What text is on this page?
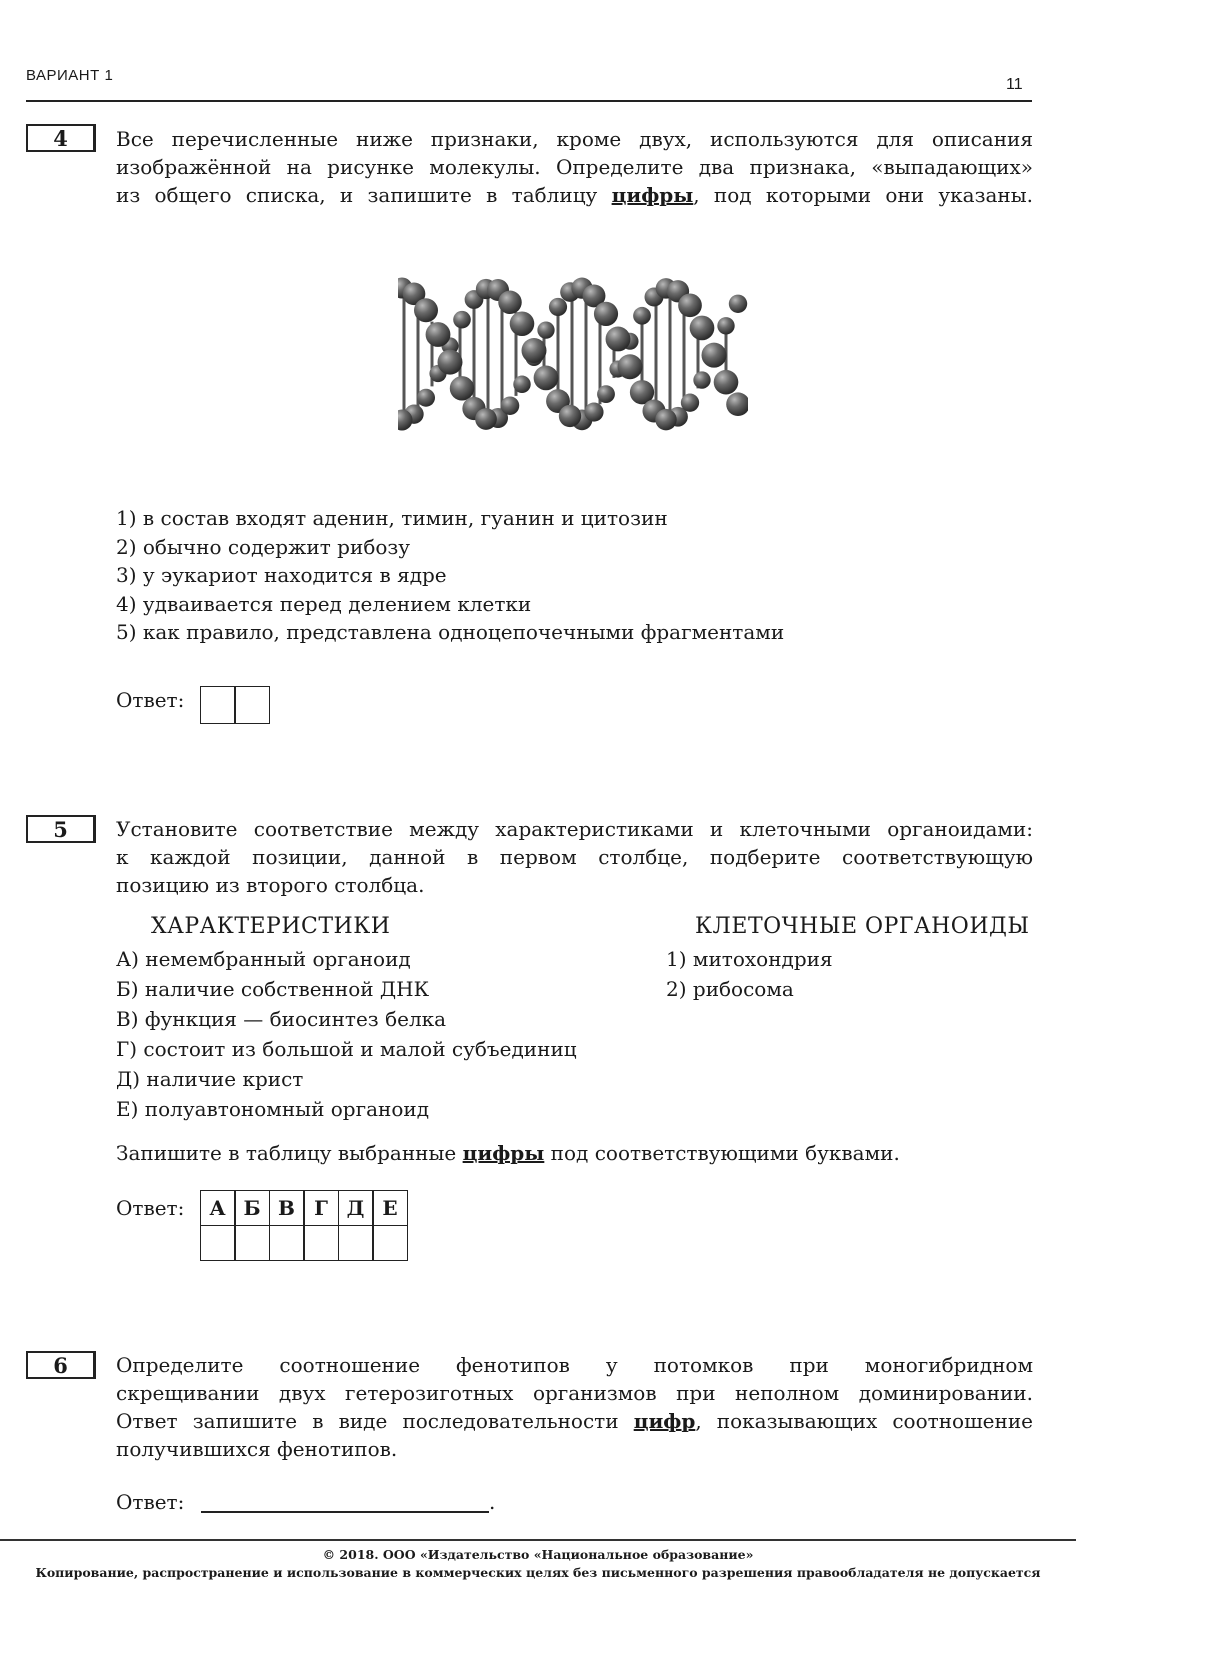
ВАРИАНТ 1
11
4 Все перечисленные ниже признаки, кроме двух, используются для описания
изображённой на рисунке молекулы. Определите два признака, «выпадающих»
из общего списка, и запишите в таблицу цифры, под которыми они указаны.
1) в состав входят аденин, тимин, гуанин и цитозин
2) обычно содержит рибозу
3) у эукариот находится в ядре
4) удваивается перед делением клетки
5) как правило, представлена одноцепочечными фрагментами
Ответ:
5 Установите соответствие между характеристиками и клеточными органоидами:
к каждой позиции, данной в первом столбце, подберите соответствующую
позицию из второго столбца.
ХАРАКТЕРИСТИКИ	КЛЕТОЧНЫЕ ОРГАНОИДЫ
А) немембранный органоид
Б) наличие собственной ДНК
В) функция — биосинтез белка
Г) состоит из большой и малой субъединиц
Д) наличие крист
Е) полуавтономный органоид
1) митохондрия
2) рибосома
Запишите в таблицу выбранные цифры под соответствующими буквами.
Ответ:	А Б В Г Д Е
6 Определите соотношение фенотипов у потомков при моногибридном
скрещивании двух гетерозиготных организмов при неполном доминировании.
Ответ запишите в виде последовательности цифр, показывающих соотношение
получившихся фенотипов.
Ответ:	.
© 2018. ООО «Издательство «Национальное образование»
Копирование, распространение и использование в коммерческих целях без письменного разрешения правообладателя не допускается
